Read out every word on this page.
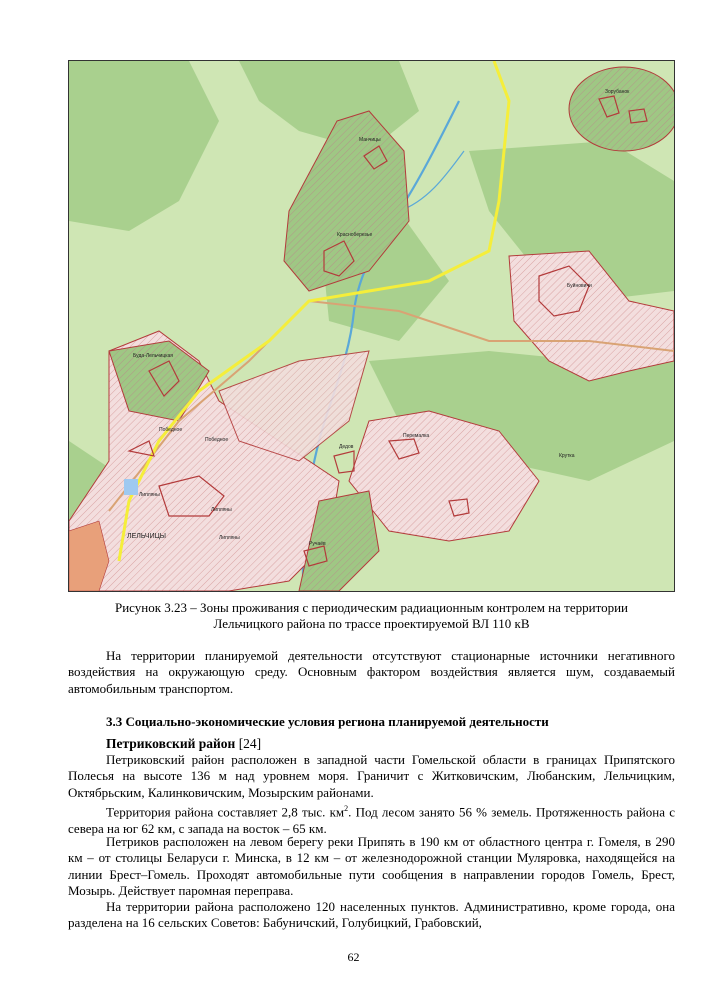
Зорубанок
Манчицы
Красноберезье
Буйновичи
Буда-Лельчицкая
Победное
Победное
Липляны
Липляны
Липляны
ЛЕЛЬЧИЦЫ
Дедов
Перемалка
Крутка
Ручаёв
Рисунок 3.23 – Зоны проживания с периодическим радиационным контролем на территории
Лельчицкого района по трассе проектируемой ВЛ 110 кВ

На территории планируемой деятельности отсутствуют стационарные источники негативного воздействия на окружающую среду. Основным фактором воздействия является шум, создаваемый автомобильным транспортом.

3.3 Социально-экономические условия региона планируемой деятельности
Петриковский район [24]

Петриковский район расположен в западной части Гомельской области в границах Припятского Полесья на высоте 136 м над уровнем моря. Граничит с Житковичским, Любанским, Лельчицким, Октябрьским, Калинковичским, Мозырским районами.

Территория района составляет 2,8 тыс. $км^2$. Под лесом занято 56 % земель. Протяженность района с севера на юг 62 км, с запада на восток – 65 км.

Петриков расположен на левом берегу реки Припять в 190 км от областного центра г. Гомеля, в 290 км – от столицы Беларуси г. Минска, в 12 км – от железнодорожной станции Муляровка, находящейся на линии Брест–Гомель. Проходят автомобильные пути сообщения в направлении городов Гомель, Брест, Мозырь. Действует паромная переправа.

На территории района расположено 120 населенных пунктов. Административно, кроме города, она разделена на 16 сельских Советов: Бабуничский, Голубицкий, Грабовский,

62
